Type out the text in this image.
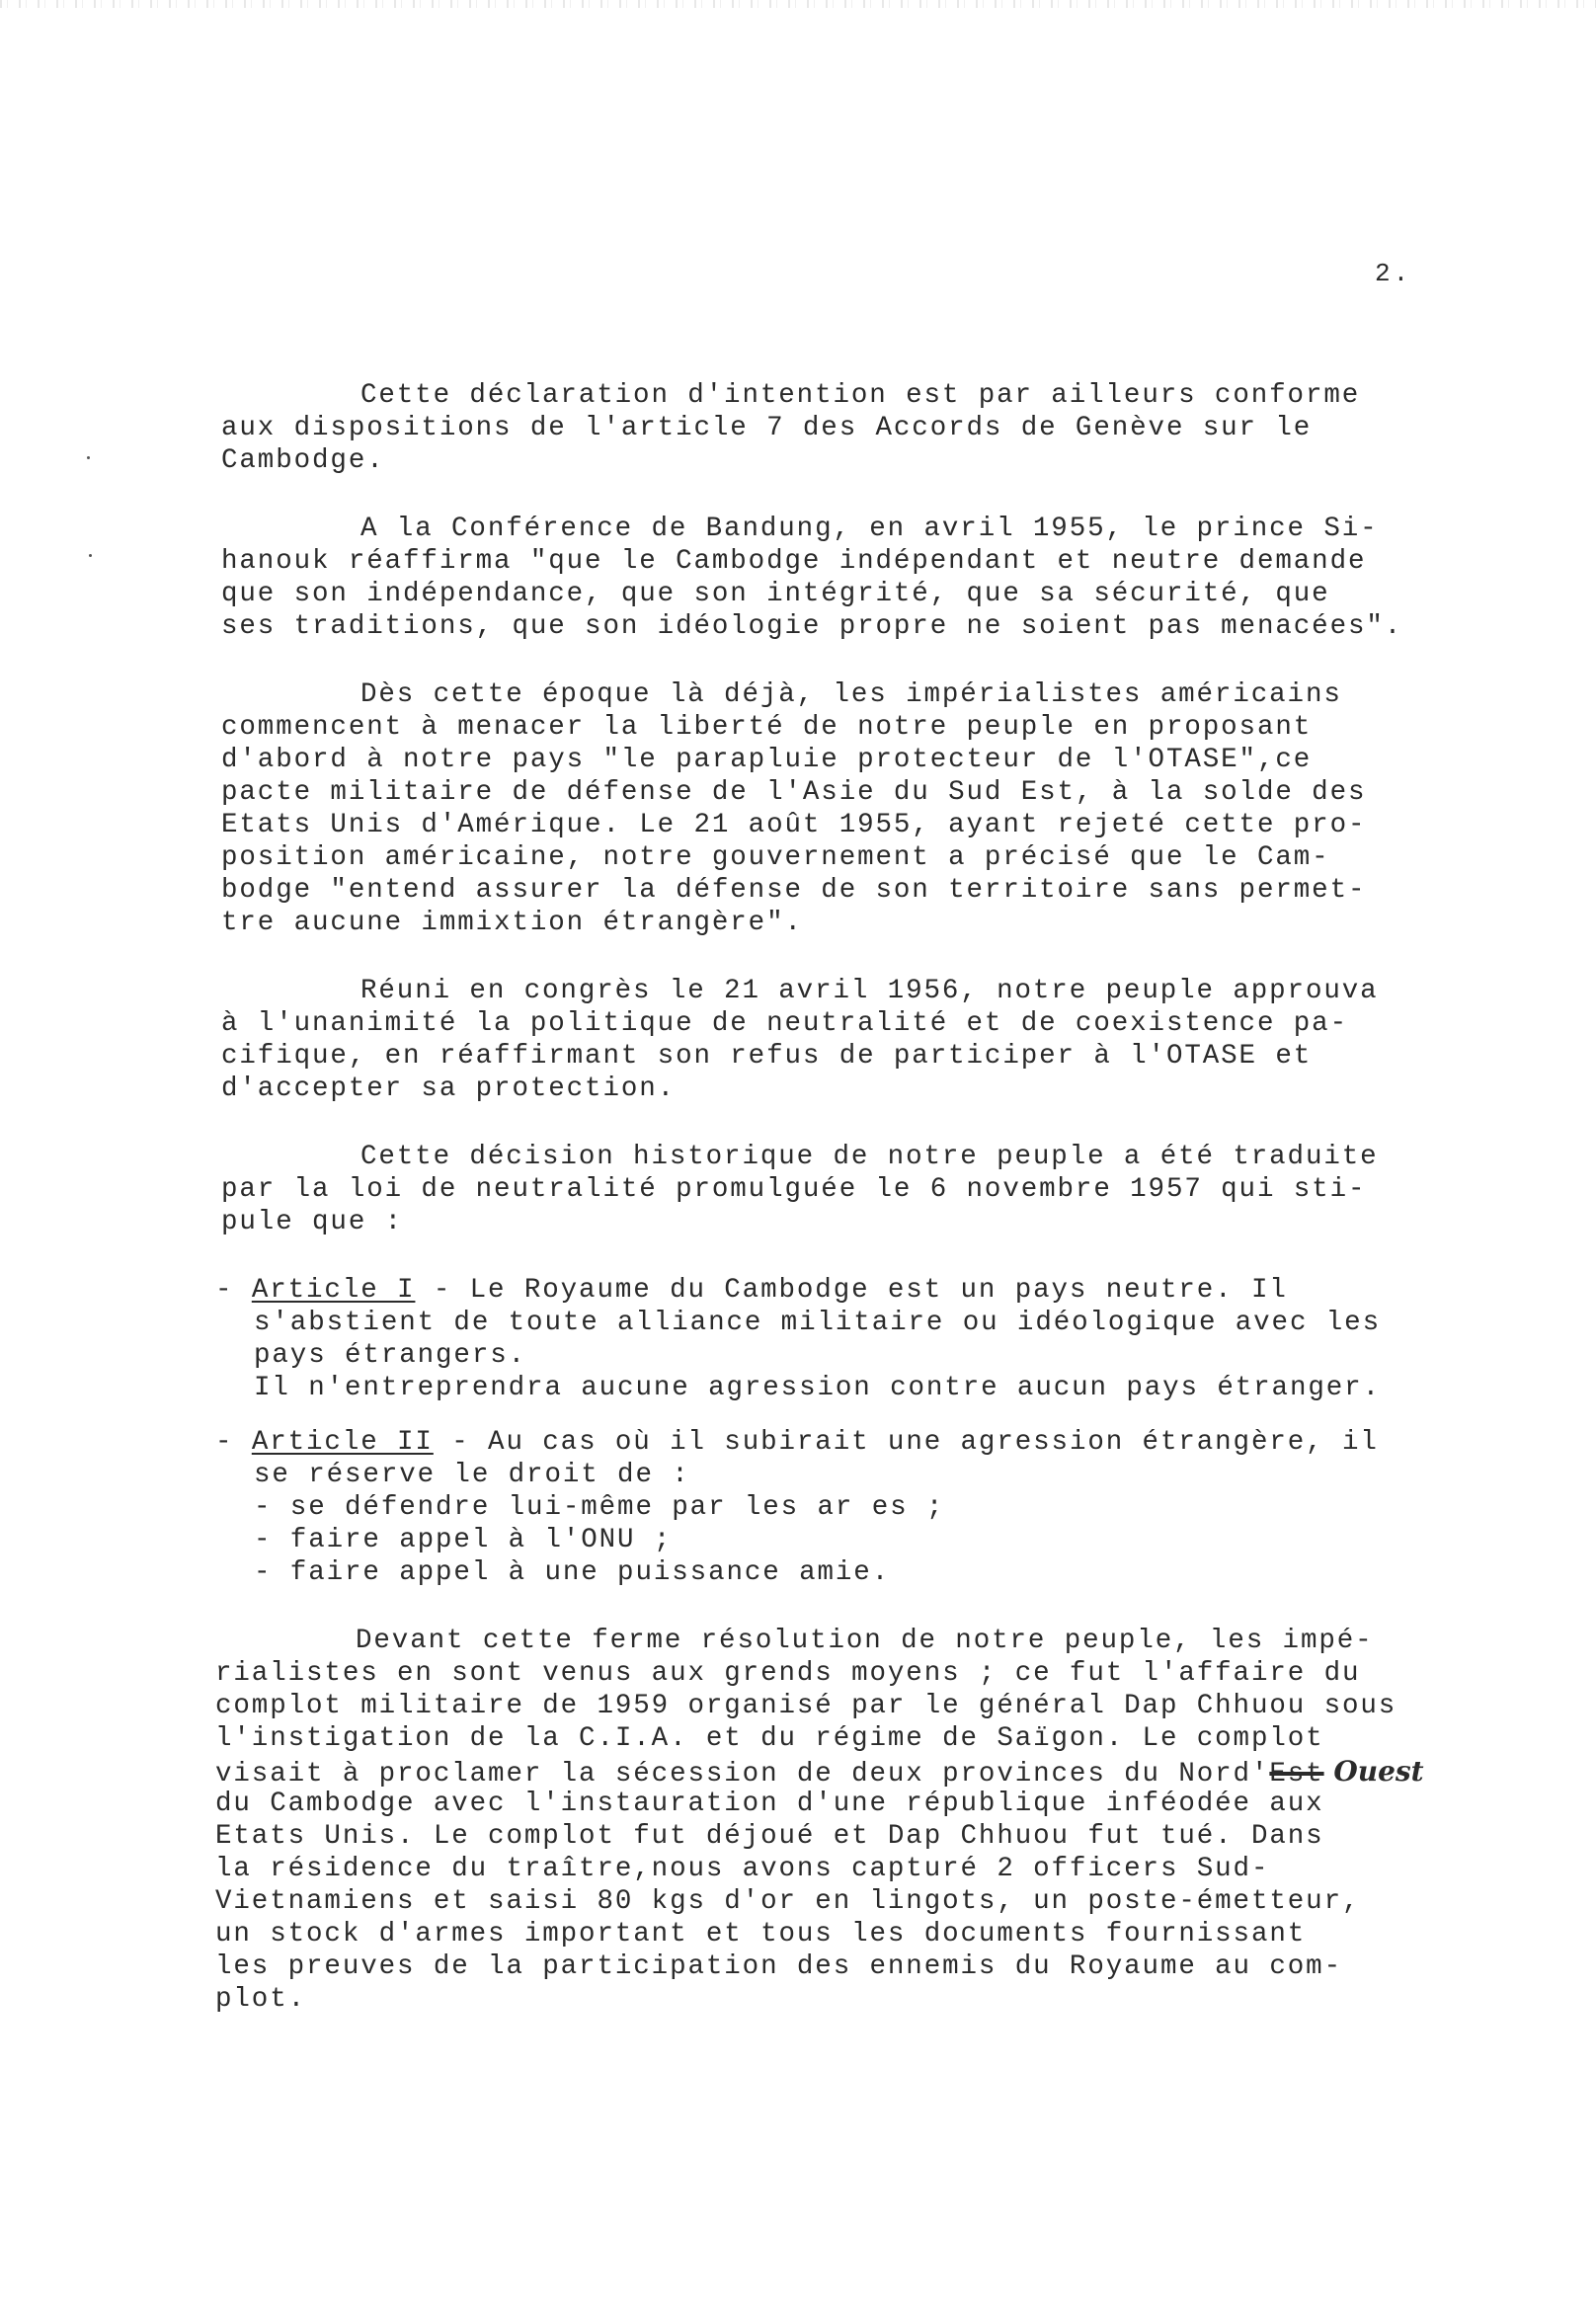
2.
Cette déclaration d'intention est par ailleurs conforme
aux dispositions de l'article 7 des Accords de Genève sur le
Cambodge.
A la Conférence de Bandung, en avril 1955, le prince Si-
hanouk réaffirma "que le Cambodge indépendant et neutre demande
que son indépendance, que son intégrité, que sa sécurité, que
ses traditions, que son idéologie propre ne soient pas menacées".
Dès cette époque là déjà, les impérialistes américains
commencent à menacer la liberté de notre peuple en proposant
d'abord à notre pays "le parapluie protecteur de l'OTASE",ce
pacte militaire de défense de l'Asie du Sud Est, à la solde des
Etats Unis d'Amérique. Le 21 août 1955, ayant rejeté cette pro-
position américaine, notre gouvernement a précisé que le Cam-
bodge "entend assurer la défense de son territoire sans permet-
tre aucune immixtion étrangère".
Réuni en congrès le 21 avril 1956, notre peuple approuva
à l'unanimité la politique de neutralité et de coexistence pa-
cifique, en réaffirmant son refus de participer à l'OTASE et
d'accepter sa protection.
Cette décision historique de notre peuple a été traduite
par la loi de neutralité promulguée le 6 novembre 1957 qui sti-
pule que :
- Article I - Le Royaume du Cambodge est un pays neutre. Il
s'abstient de toute alliance militaire ou idéologique avec les
pays étrangers.
Il n'entreprendra aucune agression contre aucun pays étranger.
- Article II - Au cas où il subirait une agression étrangère, il
se réserve le droit de :
- se défendre lui-même par les ar es ;
- faire appel à l'ONU ;
- faire appel à une puissance amie.
Devant cette ferme résolution de notre peuple, les impé-
rialistes en sont venus aux grends moyens ; ce fut l'affaire du
complot militaire de 1959 organisé par le général Dap Chhuou sous
l'instigation de la C.I.A. et du régime de Saïgon. Le complot
visait à proclamer la sécession de deux provinces du Nord'Est Ouest
du Cambodge avec l'instauration d'une république inféodée aux
Etats Unis. Le complot fut déjoué et Dap Chhuou fut tué. Dans
la résidence du traître,nous avons capturé 2 officers Sud-
Vietnamiens et saisi 80 kgs d'or en lingots, un poste-émetteur,
un stock d'armes important et tous les documents fournissant
les preuves de la participation des ennemis du Royaume au com-
plot.
